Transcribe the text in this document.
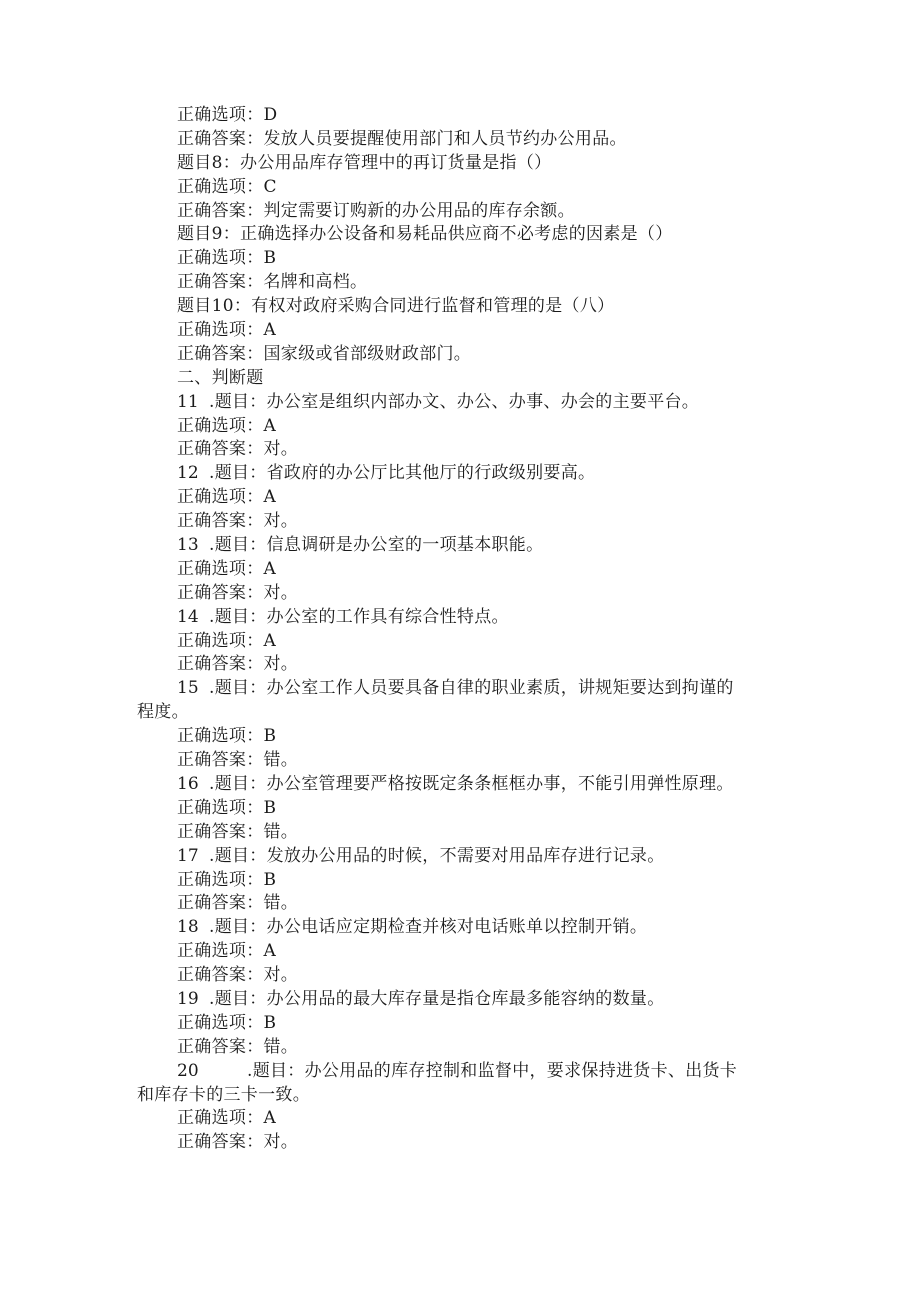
正确选项：D
正确答案：发放人员要提醒使用部门和人员节约办公用品。
题目8：办公用品库存管理中的再订货量是指（）
正确选项：C
正确答案：判定需要订购新的办公用品的库存余额。
题目9：正确选择办公设备和易耗品供应商不必考虑的因素是（）
正确选项：B
正确答案：名牌和高档。
题目10：有权对政府采购合同进行监督和管理的是（八）
正确选项：A
正确答案：国家级或省部级财政部门。
二、判断题
11 .题目：办公室是组织内部办文、办公、办事、办会的主要平台。
正确选项：A
正确答案：对。
12 .题目：省政府的办公厅比其他厅的行政级别要高。
正确选项：A
正确答案：对。
13 .题目：信息调研是办公室的一项基本职能。
正确选项：A
正确答案：对。
14 .题目：办公室的工作具有综合性特点。
正确选项：A
正确答案：对。
15 .题目：办公室工作人员要具备自律的职业素质，讲规矩要达到拘谨的
程度。
正确选项：B
正确答案：错。
16 .题目：办公室管理要严格按既定条条框框办事，不能引用弹性原理。
正确选项：B
正确答案：错。
17 .题目：发放办公用品的时候，不需要对用品库存进行记录。
正确选项：B
正确答案：错。
18 .题目：办公电话应定期检查并核对电话账单以控制开销。
正确选项：A
正确答案：对。
19 .题目：办公用品的最大库存量是指仓库最多能容纳的数量。
正确选项：B
正确答案：错。
20	.题目：办公用品的库存控制和监督中，要求保持进货卡、出货卡
和库存卡的三卡一致。
正确选项：A
正确答案：对。
